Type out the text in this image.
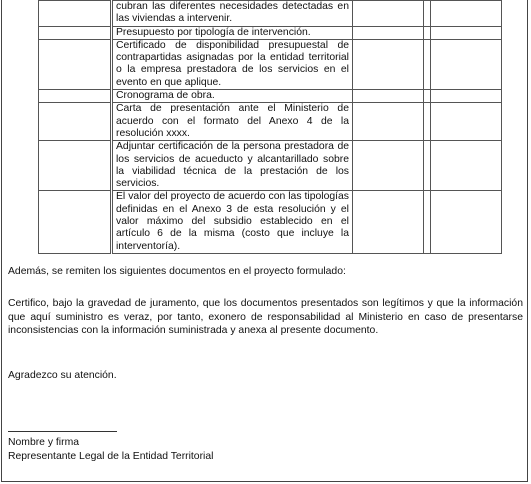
	cubran las diferentes necesidades detectadas en las viviendas a intervenir.			
	Presupuesto por tipología de intervención.			
	Certificado de disponibilidad presupuestal de contrapartidas asignadas por la entidad territorial o la empresa prestadora de los servicios en el evento en que aplique.			
	Cronograma de obra.			
	Carta de presentación ante el Ministerio de acuerdo con el formato del Anexo 4 de la resolución xxxx.			
	Adjuntar certificación de la persona prestadora de los servicios de acueducto y alcantarillado sobre la viabilidad técnica de la prestación de los servicios.			
	El valor del proyecto de acuerdo con las tipologías definidas en el Anexo 3 de esta resolución y el valor máximo del subsidio establecido en el artículo 6 de la misma (costo que incluye la interventoría).			

Además, se remiten los siguientes documentos en el proyecto formulado:

Certifico, bajo la gravedad de juramento, que los documentos presentados son legítimos y que la información que aquí suministro es veraz, por tanto, exonero de responsabilidad al Ministerio en caso de presentarse inconsistencias con la información suministrada y anexa al presente documento.

Agradezco su atención.

Nombre y firma

Representante Legal de la Entidad Territorial
